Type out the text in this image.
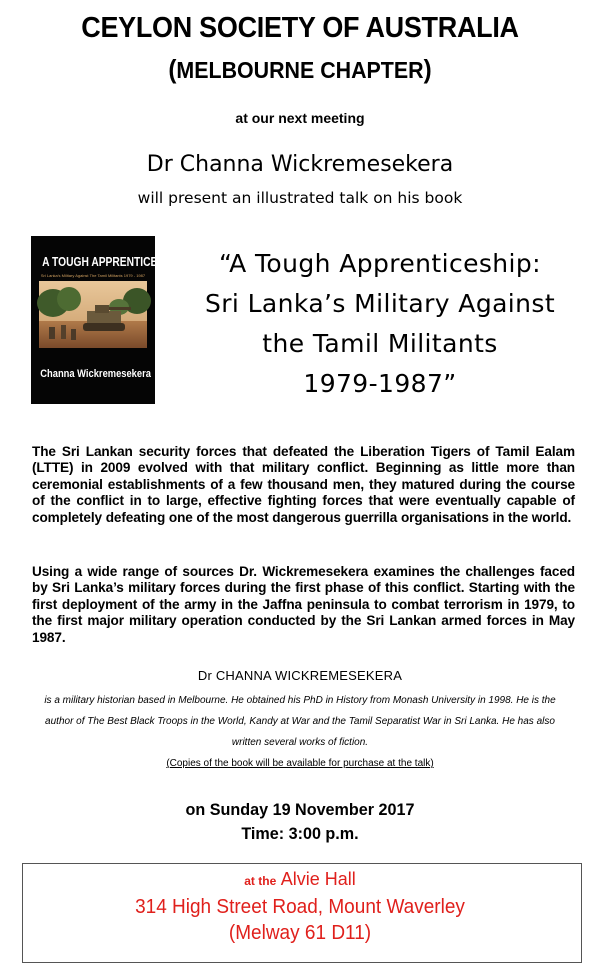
CEYLON SOCIETY OF AUSTRALIA
(MELBOURNE CHAPTER)
at our next meeting
Dr Channa Wickremesekera
will present an illustrated talk on his book
A TOUGH APPRENTICESHIP
Sri Lanka's Military Against The Tamil Militants 1979 - 1987
Channa Wickremesekera
“A Tough Apprenticeship:
Sri Lanka’s Military Against
the Tamil Militants
1979-1987”

The Sri Lankan security forces that defeated the Liberation Tigers of Tamil Ealam (LTTE) in 2009 evolved with that military conflict. Beginning as little more than ceremonial establishments of a few thousand men, they matured during the course of the conflict in to large, effective fighting forces that were eventually capable of completely defeating one of the most dangerous guerrilla organisations in the world.

Using a wide range of sources Dr. Wickremesekera examines the challenges faced by Sri Lanka’s military forces during the first phase of this conflict. Starting with the first deployment of the army in the Jaffna peninsula to combat terrorism in 1979, to the first major military operation conducted by the Sri Lankan armed forces in May 1987.

Dr CHANNA WICKREMESEKERA
is a military historian based in Melbourne. He obtained his PhD in History from Monash University in 1998. He is the author of The Best Black Troops in the World, Kandy at War and the Tamil Separatist War in Sri Lanka. He has also written several works of fiction.
(Copies of the book will be available for purchase at the talk)
on Sunday 19 November 2017
Time: 3:00 p.m.
at the Alvie Hall
314 High Street Road, Mount Waverley
(Melway 61 D11)
